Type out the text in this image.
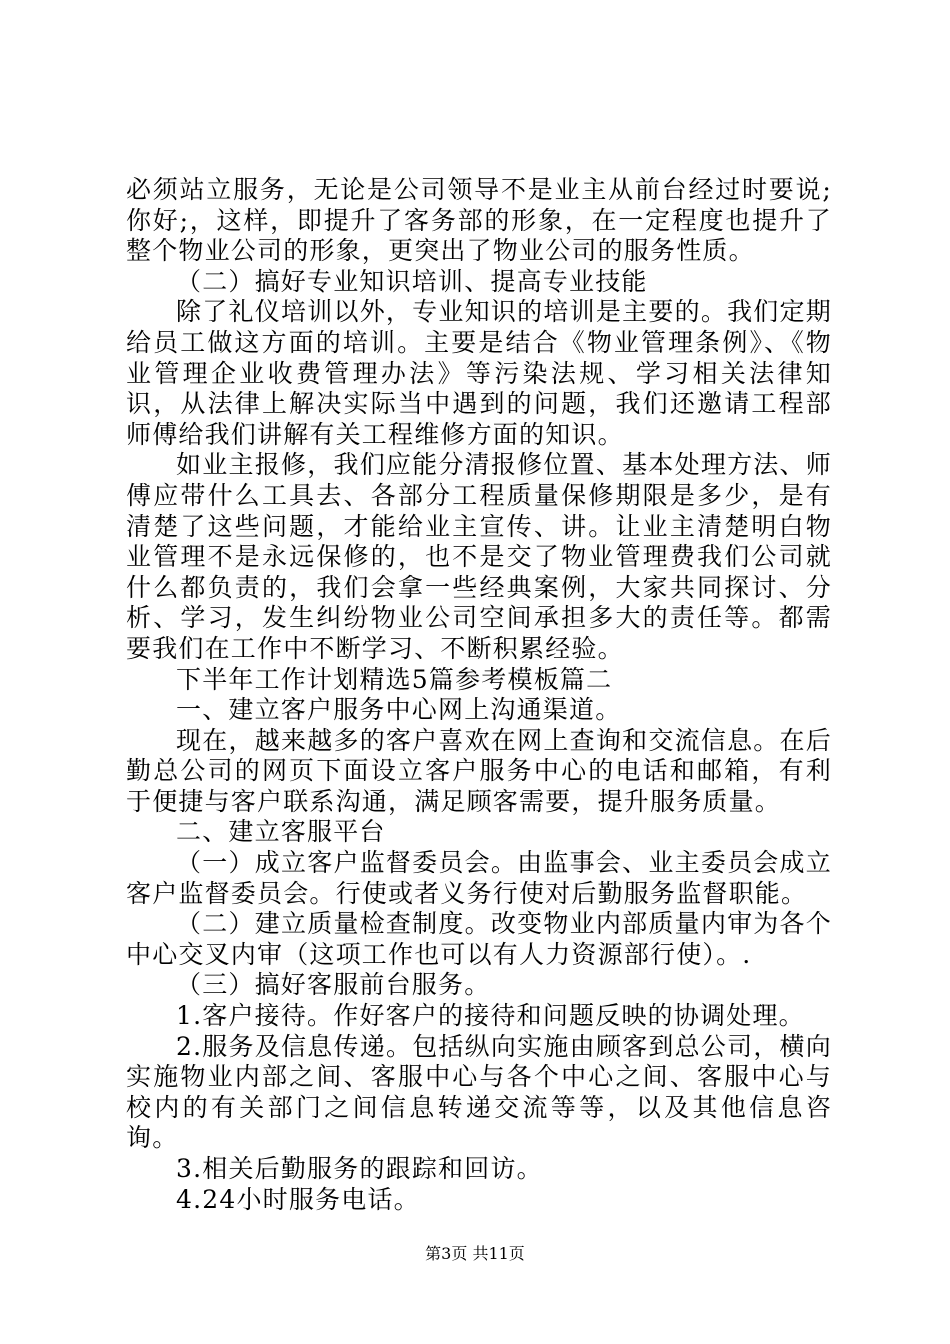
必须站立服务，无论是公司领导不是业主从前台经过时要说;你好;，这样，即提升了客务部的形象，在一定程度也提升了整个物业公司的形象，更突出了物业公司的服务性质。

（二）搞好专业知识培训、提高专业技能

除了礼仪培训以外，专业知识的培训是主要的。我们定期给员工做这方面的培训。主要是结合《物业管理条例》、《物业管理企业收费管理办法》等污染法规、学习相关法律知识，从法律上解决实际当中遇到的问题，我们还邀请工程部师傅给我们讲解有关工程维修方面的知识。

如业主报修，我们应能分清报修位置、基本处理方法、师傅应带什么工具去、各部分工程质量保修期限是多少，是有清楚了这些问题，才能给业主宣传、讲。让业主清楚明白物业管理不是永远保修的，也不是交了物业管理费我们公司就什么都负责的，我们会拿一些经典案例，大家共同探讨、分析、学习，发生纠纷物业公司空间承担多大的责任等。都需要我们在工作中不断学习、不断积累经验。

下半年工作计划精选5篇参考模板篇二

一、建立客户服务中心网上沟通渠道。

现在，越来越多的客户喜欢在网上查询和交流信息。在后勤总公司的网页下面设立客户服务中心的电话和邮箱，有利于便捷与客户联系沟通，满足顾客需要，提升服务质量。

二、建立客服平台

（一）成立客户监督委员会。由监事会、业主委员会成立客户监督委员会。行使或者义务行使对后勤服务监督职能。

（二）建立质量检查制度。改变物业内部质量内审为各个中心交叉内审（这项工作也可以有人力资源部行使）。.

（三）搞好客服前台服务。

1.客户接待。作好客户的接待和问题反映的协调处理。

2.服务及信息传递。包括纵向实施由顾客到总公司，横向实施物业内部之间、客服中心与各个中心之间、客服中心与校内的有关部门之间信息转递交流等等，以及其他信息咨询。

3.相关后勤服务的跟踪和回访。

4.24小时服务电话。

第3页 共11页
